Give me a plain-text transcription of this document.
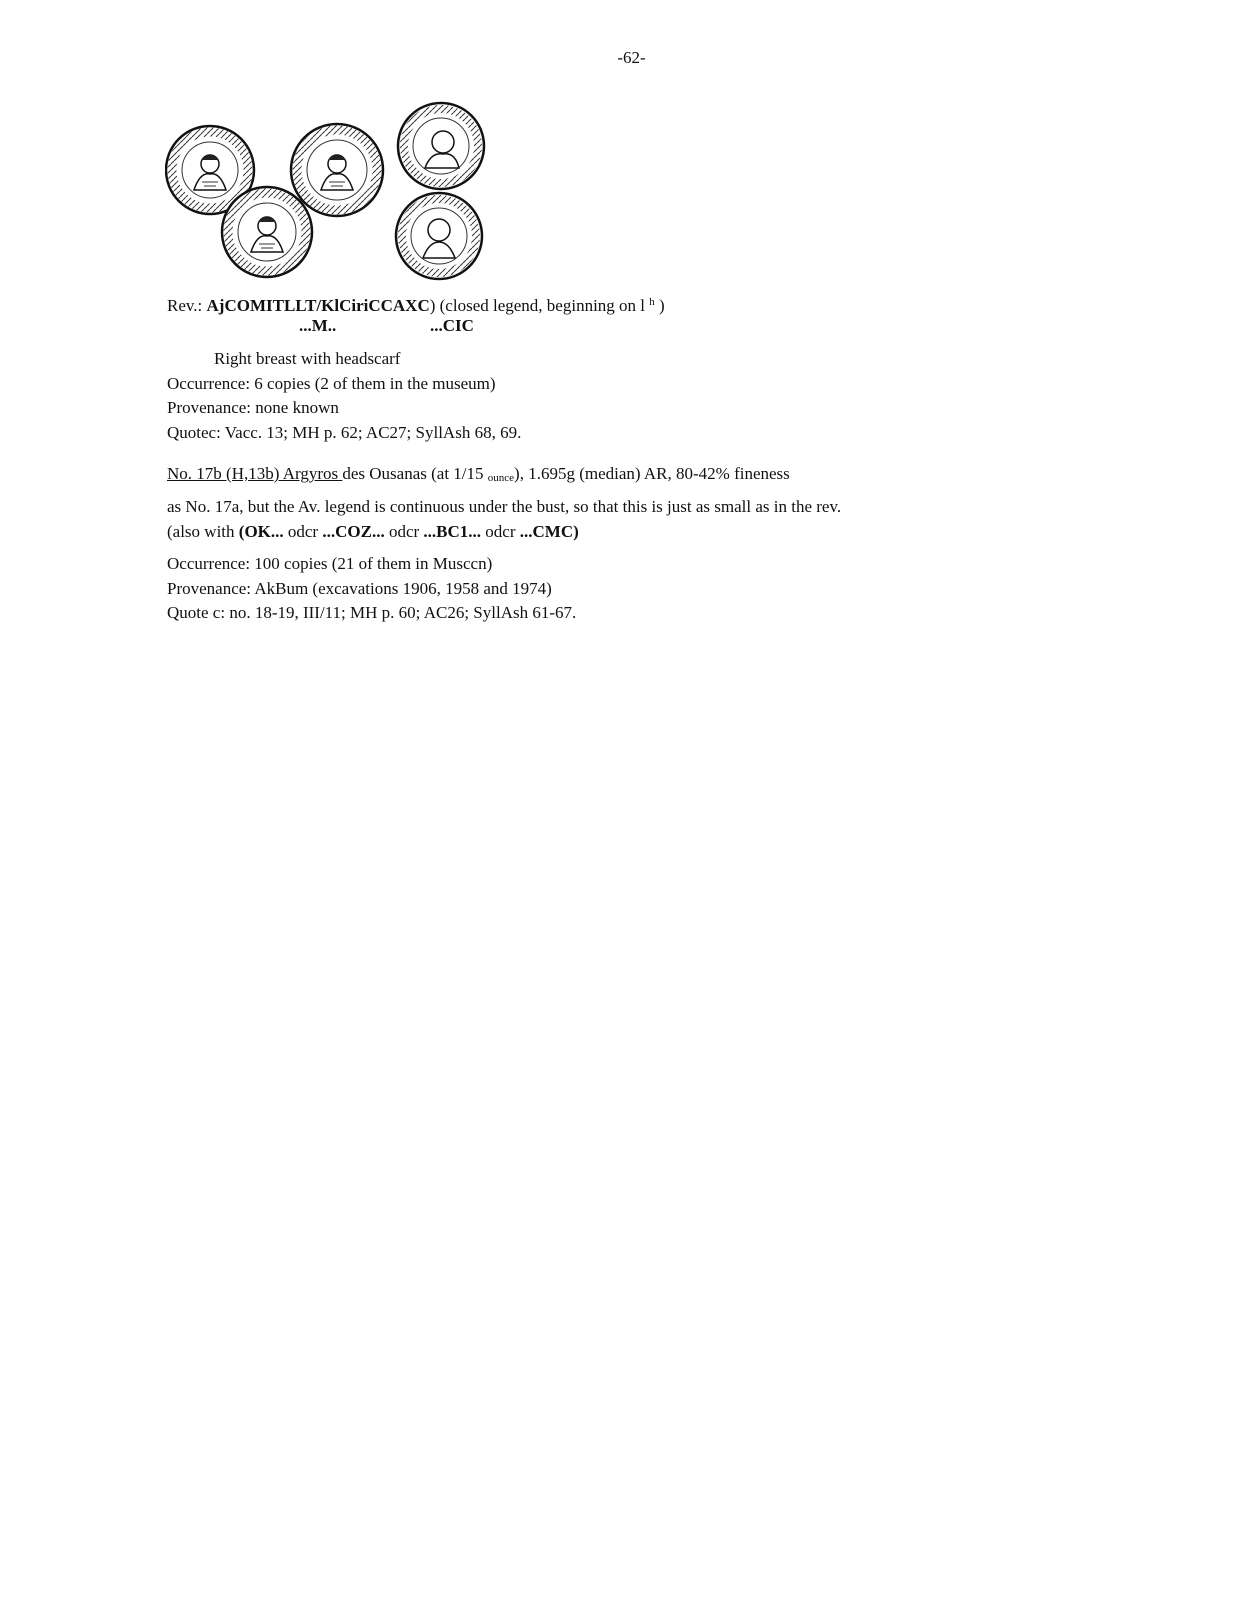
-62-
Rev.: AjCOMITLLT/KlCiriCCAXC) (closed legend, beginning on l $^h$ )
...M..	...CIC
Right breast with headscarf
Occurrence: 6 copies (2 of them in the museum)
Provenance: none known
Quotec: Vacc. 13; MH p. 62; AC27; SyllAsh 68, 69.
No. 17b (H,13b) Argyros des Ousanas (at 1/15 $_{ounce}$), 1.695g (median) AR, 80-42% fineness
as No. 17a, but the Av. legend is continuous under the bust, so that this is just as small as in the rev.
(also with (OK... odcr ...COZ... odcr ...BC1... odcr ...CMC)
Occurrence: 100 copies (21 of them in Musccn)
Provenance: AkBum (excavations 1906, 1958 and 1974)
Quote c: no. 18-19, III/11; MH p. 60; AC26; SyllAsh 61-67.
